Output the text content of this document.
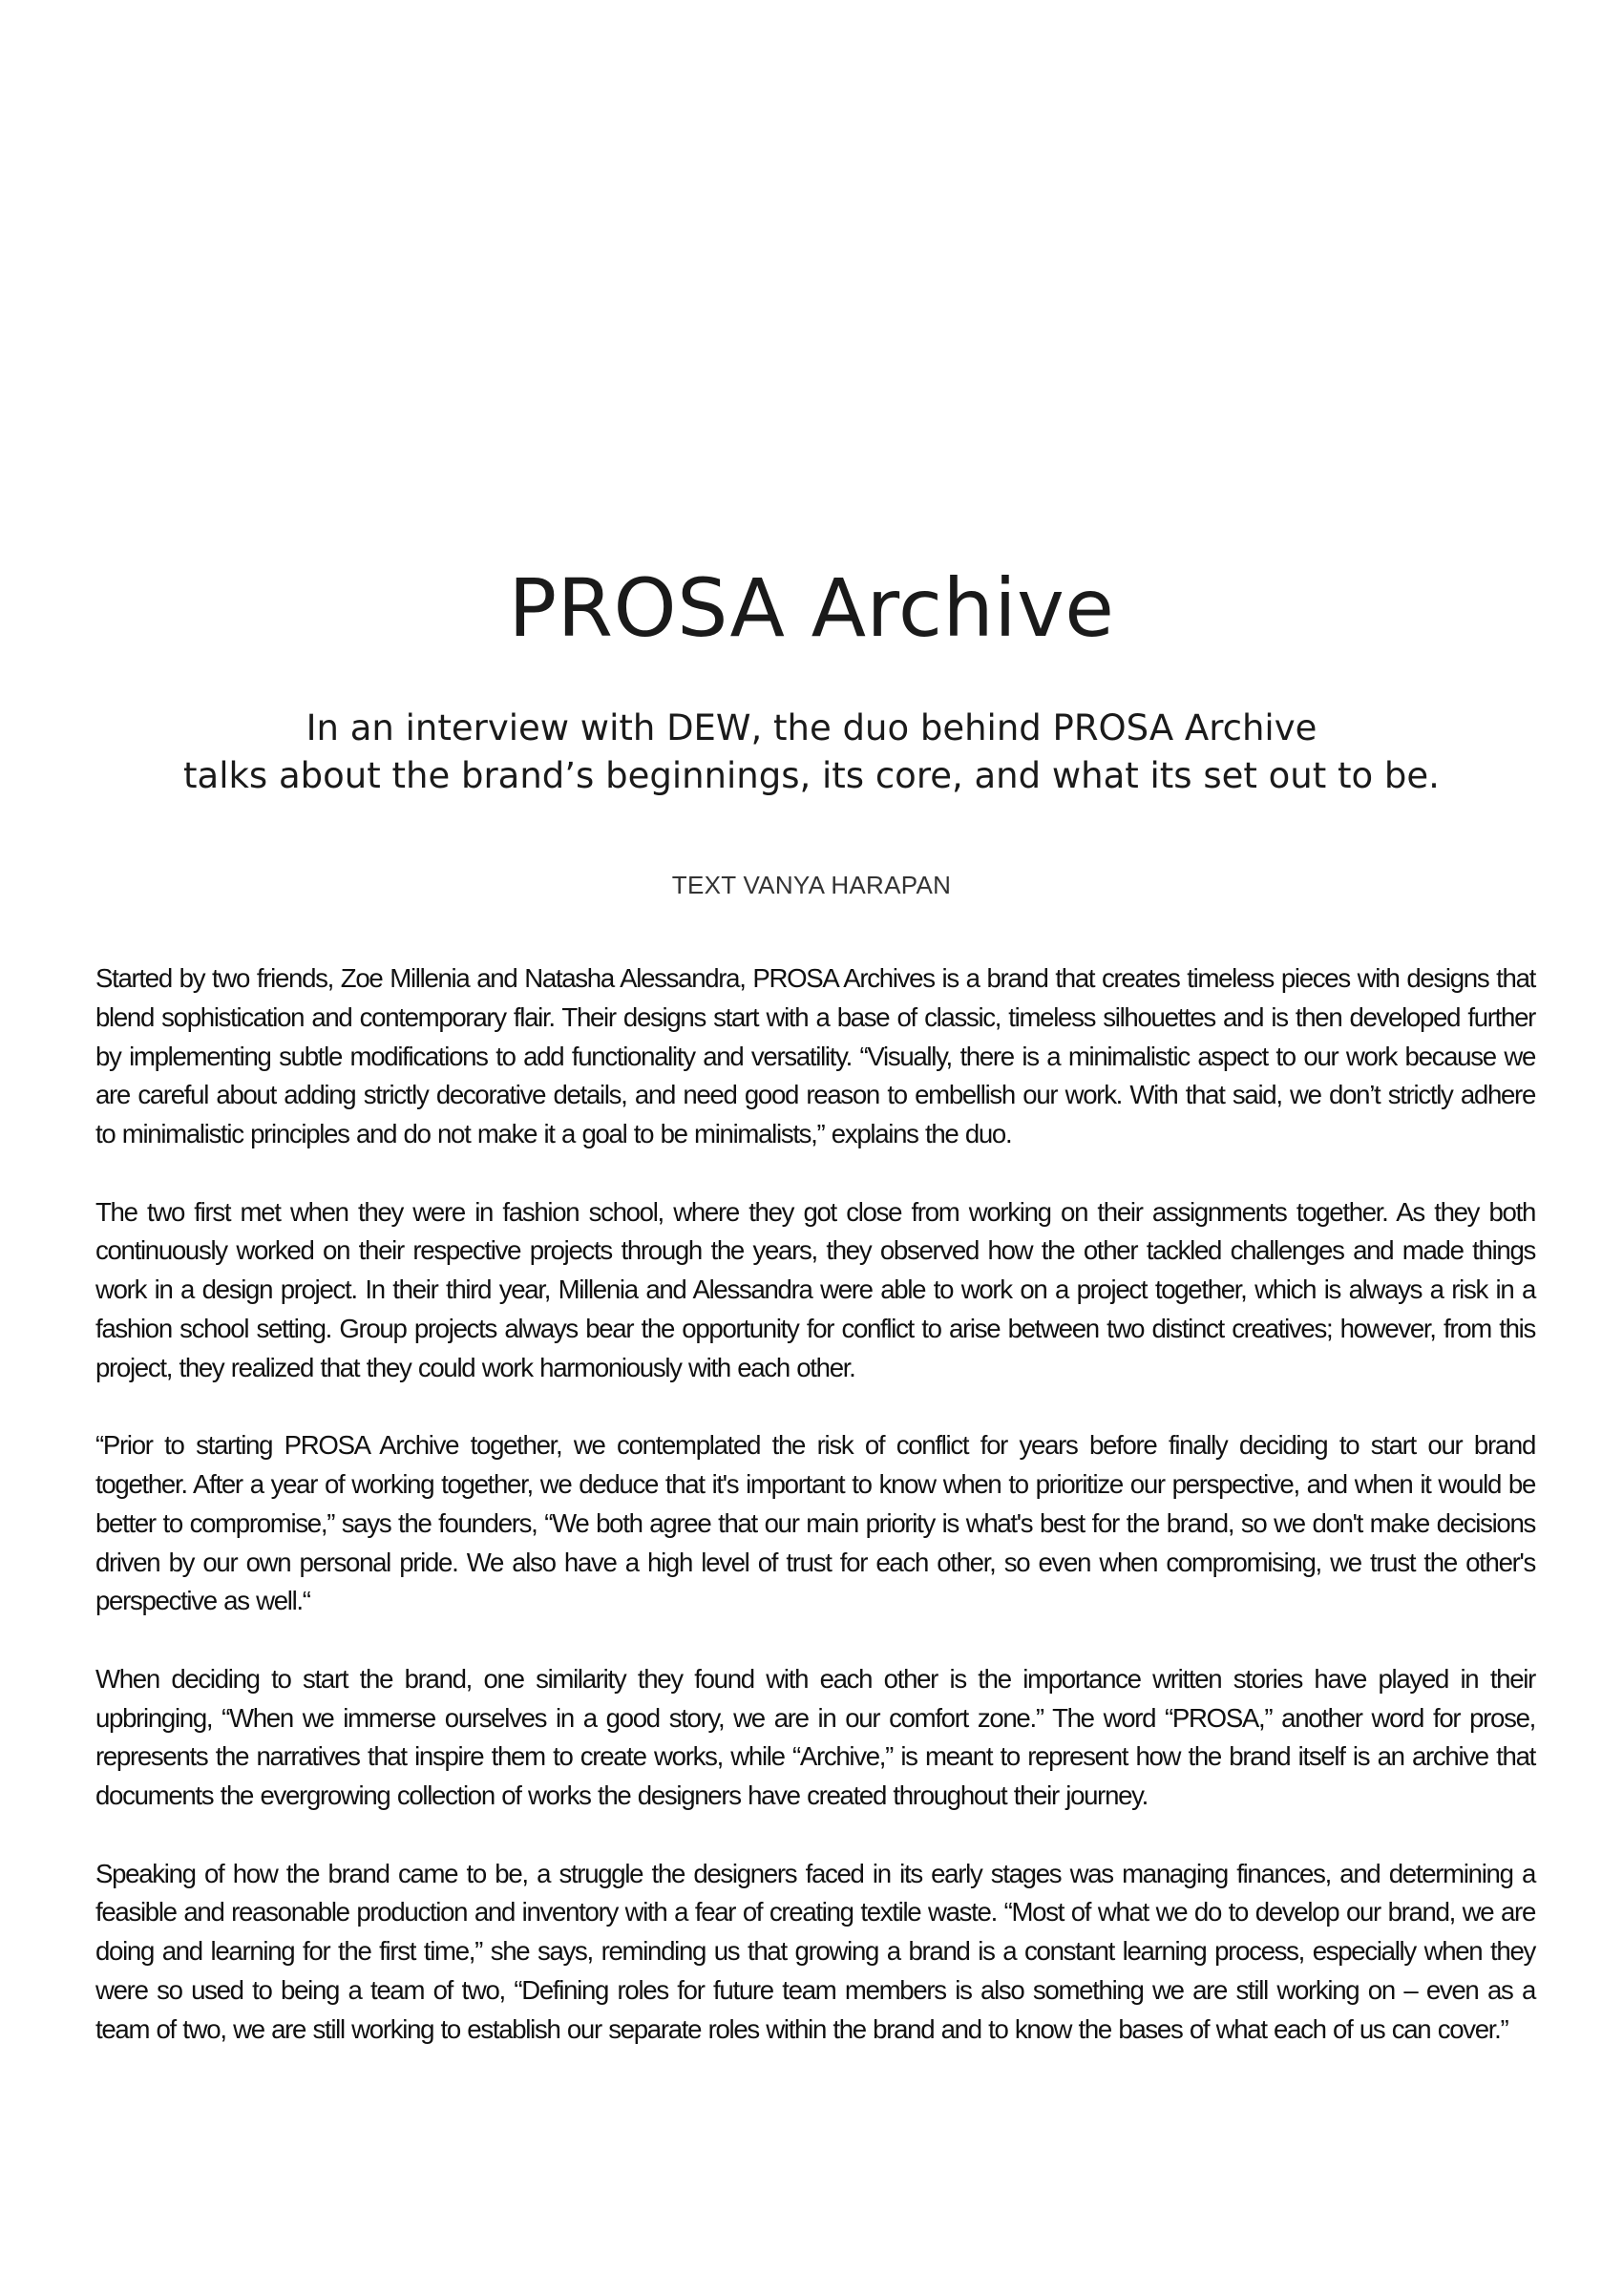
PROSA Archive
In an interview with DEW, the duo behind PROSA Archive
talks about the brand’s beginnings, its core, and what its set out to be.

TEXT VANYA HARAPAN

Started by two friends, Zoe Millenia and Natasha Alessandra, PROSA Archives is a brand that creates timeless pieces with designs that blend sophistication and contemporary flair. Their designs start with a base of classic, timeless silhouettes and is then developed further by implementing subtle modifications to add functionality and versatility. “Visually, there is a minimalistic aspect to our work because we are careful about adding strictly decorative details, and need good reason to embellish our work. With that said, we don’t strictly adhere to minimalistic principles and do not make it a goal to be minimalists,” explains the duo.

The two first met when they were in fashion school, where they got close from working on their assignments together. As they both continuously worked on their respective projects through the years, they observed how the other tackled challenges and made things work in a design project. In their third year, Millenia and Alessandra were able to work on a project together, which is always a risk in a fashion school setting. Group projects always bear the opportunity for conflict to arise between two distinct creatives; however, from this project, they realized that they could work harmoniously with each other.

“Prior to starting PROSA Archive together, we contemplated the risk of conflict for years before finally deciding to start our brand together. After a year of working together, we deduce that it's important to know when to prioritize our perspective, and when it would be better to compromise,” says the founders, “We both agree that our main priority is what's best for the brand, so we don't make decisions driven by our own personal pride. We also have a high level of trust for each other, so even when compromising, we trust the other's perspective as well.“

When deciding to start the brand, one similarity they found with each other is the importance written stories have played in their upbringing, “When we immerse ourselves in a good story, we are in our comfort zone.” The word “PROSA,” another word for prose, represents the narratives that inspire them to create works, while “Archive,” is meant to represent how the brand itself is an archive that documents the evergrowing collection of works the designers have created throughout their journey.

Speaking of how the brand came to be, a struggle the designers faced in its early stages was managing finances, and determining a feasible and reasonable production and inventory with a fear of creating textile waste. “Most of what we do to develop our brand, we are doing and learning for the first time,” she says, reminding us that growing a brand is a constant learning process, especially when they were so used to being a team of two, “Defining roles for future team members is also something we are still working on – even as a team of two, we are still working to establish our separate roles within the brand and to know the bases of what each of us can cover.”
